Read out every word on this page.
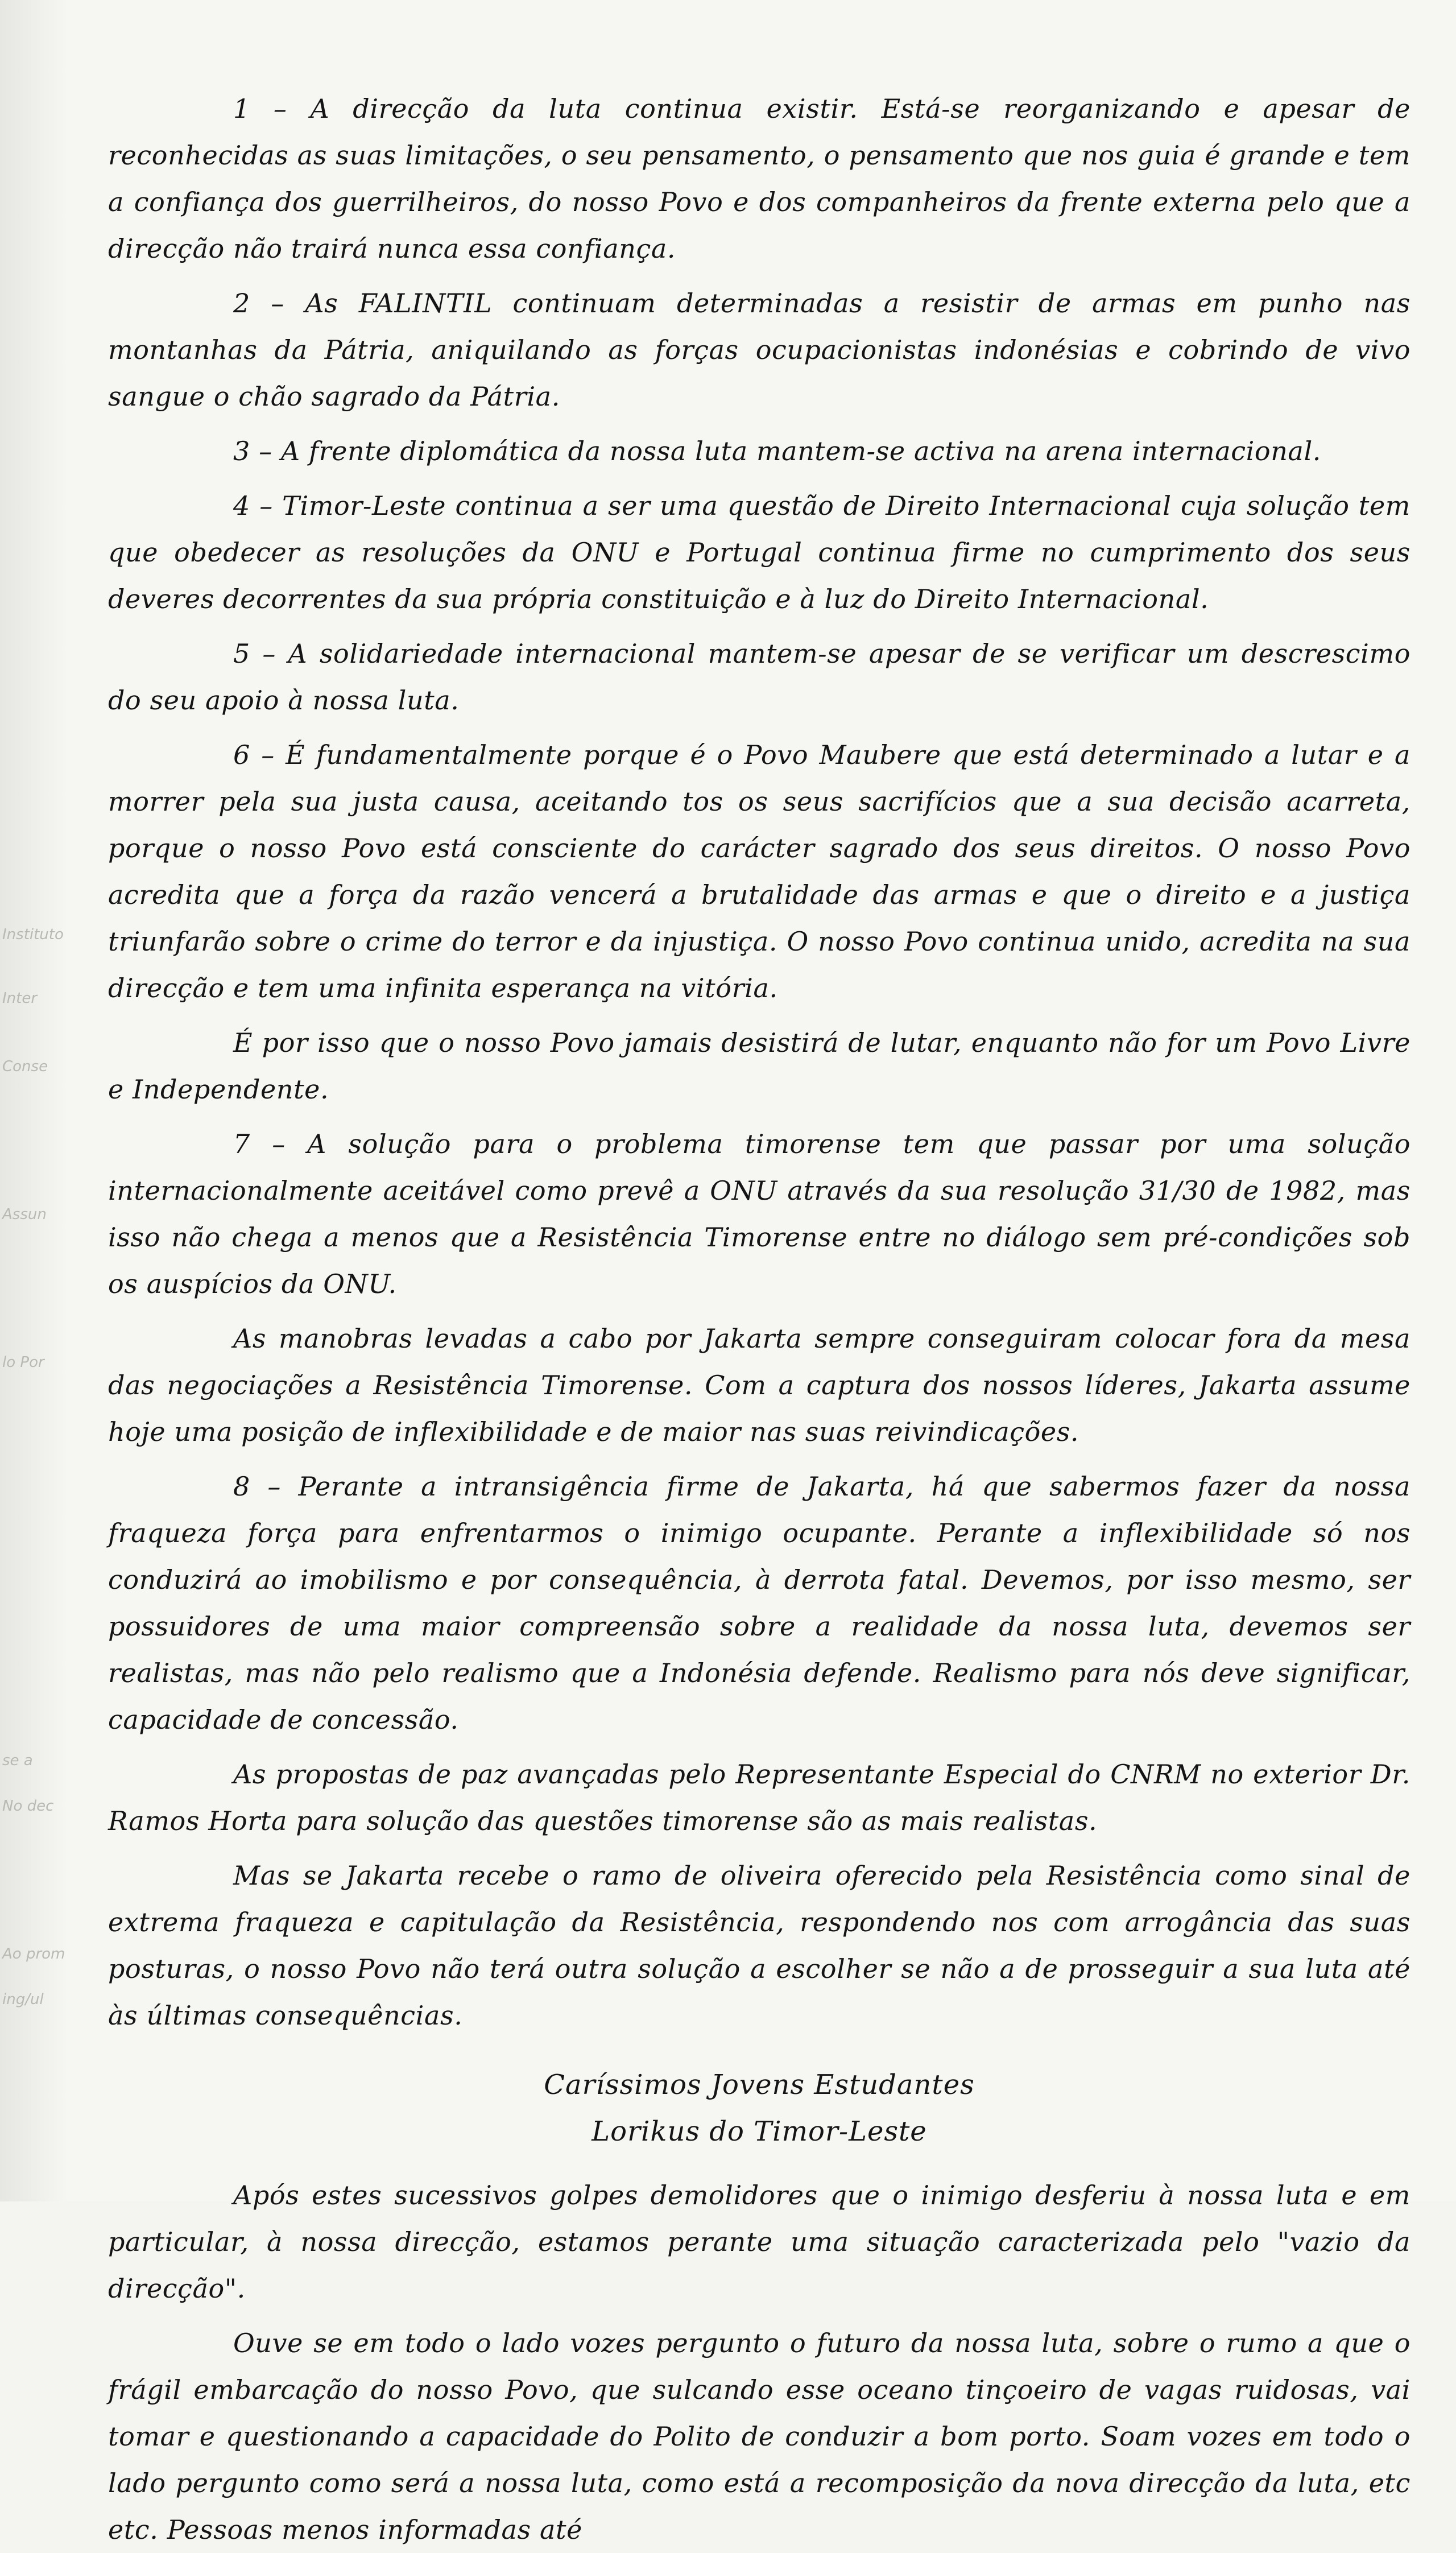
Instituto
Inter
Conse
Assun
lo Por
se a
No dec
Ao prom
ing/ul

1 – A direcção da luta continua existir. Está-se reorganizando e apesar de reconhecidas as suas limitações, o seu pensamento, o pensamento que nos guia é grande e tem a confiança dos guerrilheiros, do nosso Povo e dos companheiros da frente externa pelo que a direcção não trairá nunca essa confiança.

2 – As FALINTIL continuam determinadas a resistir de armas em punho nas montanhas da Pátria, aniquilando as forças ocupacionistas indonésias e cobrindo de vivo sangue o chão sagrado da Pátria.

3 – A frente diplomática da nossa luta mantem-se activa na arena internacional.

4 – Timor-Leste continua a ser uma questão de Direito Internacional cuja solução tem que obedecer as resoluções da ONU e Portugal continua firme no cumprimento dos seus deveres decorrentes da sua própria constituição e à luz do Direito Internacional.

5 – A solidariedade internacional mantem-se apesar de se verificar um descrescimo do seu apoio à nossa luta.

6 – É fundamentalmente porque é o Povo Maubere que está determinado a lutar e a morrer pela sua justa causa, aceitando tos os seus sacrifícios que a sua decisão acarreta, porque o nosso Povo está consciente do carácter sagrado dos seus direitos. O nosso Povo acredita que a força da razão vencerá a brutalidade das armas e que o direito e a justiça triunfarão sobre o crime do terror e da injustiça. O nosso Povo continua unido, acredita na sua direcção e tem uma infinita esperança na vitória.

É por isso que o nosso Povo jamais desistirá de lutar, enquanto não for um Povo Livre e Independente.

7 – A solução para o problema timorense tem que passar por uma solução internacionalmente aceitável como prevê a ONU através da sua resolução 31/30 de 1982, mas isso não chega a menos que a Resistência Timorense entre no diálogo sem pré-condições sob os auspícios da ONU.

As manobras levadas a cabo por Jakarta sempre conseguiram colocar fora da mesa das negociações a Resistência Timorense. Com a captura dos nossos líderes, Jakarta assume hoje uma posição de inflexibilidade e de maior nas suas reivindicações.

8 – Perante a intransigência firme de Jakarta, há que sabermos fazer da nossa fraqueza força para enfrentarmos o inimigo ocupante. Perante a inflexibilidade só nos conduzirá ao imobilismo e por consequência, à derrota fatal. Devemos, por isso mesmo, ser possuidores de uma maior compreensão sobre a realidade da nossa luta, devemos ser realistas, mas não pelo realismo que a Indonésia defende. Realismo para nós deve significar, capacidade de concessão.

As propostas de paz avançadas pelo Representante Especial do CNRM no exterior Dr. Ramos Horta para solução das questões timorense são as mais realistas.

Mas se Jakarta recebe o ramo de oliveira oferecido pela Resistência como sinal de extrema fraqueza e capitulação da Resistência, respondendo nos com arrogância das suas posturas, o nosso Povo não terá outra solução a escolher se não a de prosseguir a sua luta até às últimas consequências.

Caríssimos Jovens Estudantes

Lorikus do Timor-Leste

Após estes sucessivos golpes demolidores que o inimigo desferiu à nossa luta e em particular, à nossa direcção, estamos perante uma situação caracterizada pelo "vazio da direcção".

Ouve se em todo o lado vozes pergunto o futuro da nossa luta, sobre o rumo a que o frágil embarcação do nosso Povo, que sulcando esse oceano tinçoeiro de vagas ruidosas, vai tomar e questionando a capacidade do Polito de conduzir a bom porto. Soam vozes em todo o lado pergunto como será a nossa luta, como está a recomposição da nova direcção da luta, etc etc. Pessoas menos informadas até
